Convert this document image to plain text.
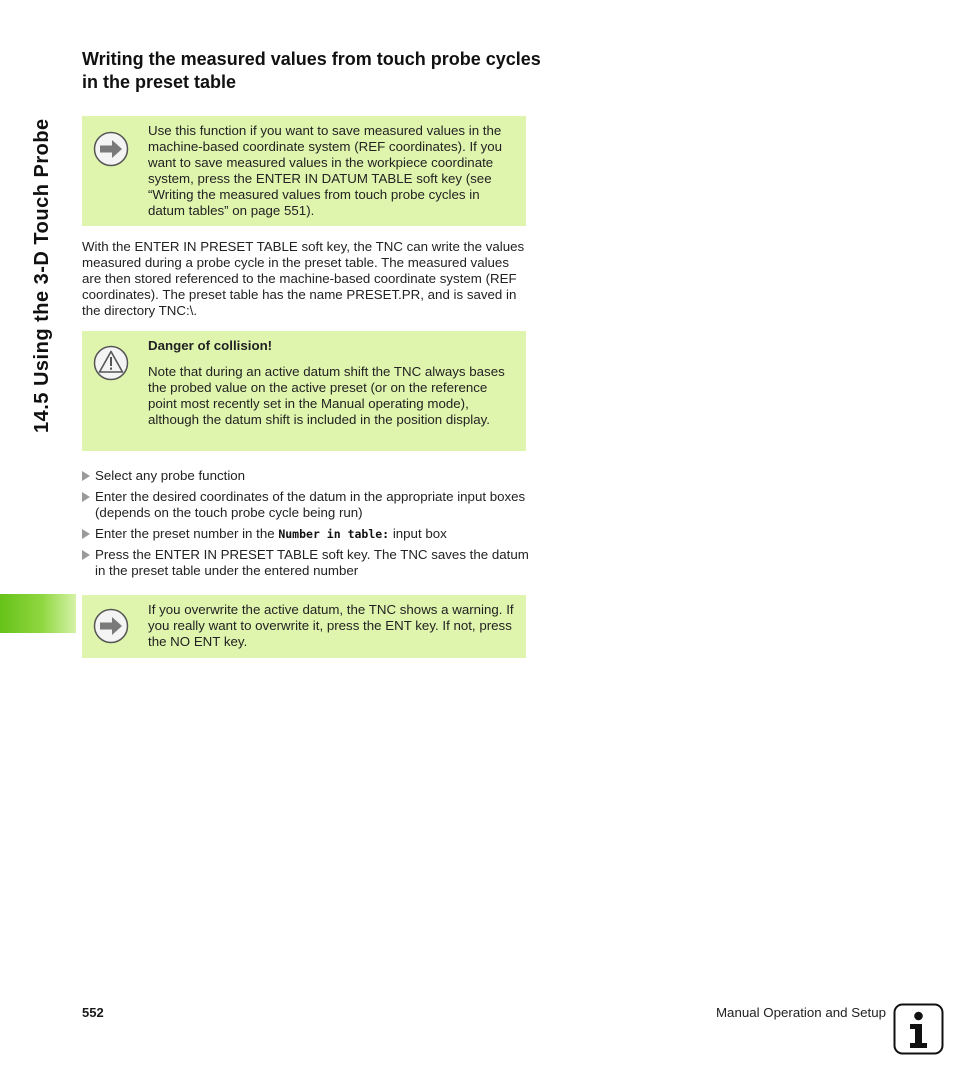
14.5 Using the 3-D Touch Probe
Writing the measured values from touch probe cycles in the preset table

Use this function if you want to save measured values in the machine-based coordinate system (REF coordinates). If you want to save measured values in the workpiece coordinate system, press the ENTER IN DATUM TABLE soft key (see “Writing the measured values from touch probe cycles in datum tables” on page 551).

With the ENTER IN PRESET TABLE soft key, the TNC can write the values measured during a probe cycle in the preset table. The measured values are then stored referenced to the machine-based coordinate system (REF coordinates). The preset table has the name PRESET.PR, and is saved in the directory TNC:\.

Danger of collision!

Note that during an active datum shift the TNC always bases the probed value on the active preset (or on the reference point most recently set in the Manual operating mode), although the datum shift is included in the position display.

Select any probe function
Enter the desired coordinates of the datum in the appropriate input boxes (depends on the touch probe cycle being run)
Enter the preset number in the Number in table: input box
Press the ENTER IN PRESET TABLE soft key. The TNC saves the datum in the preset table under the entered number

If you overwrite the active datum, the TNC shows a warning. If you really want to overwrite it, press the ENT key. If not, press the NO ENT key.

552	Manual Operation and Setup
